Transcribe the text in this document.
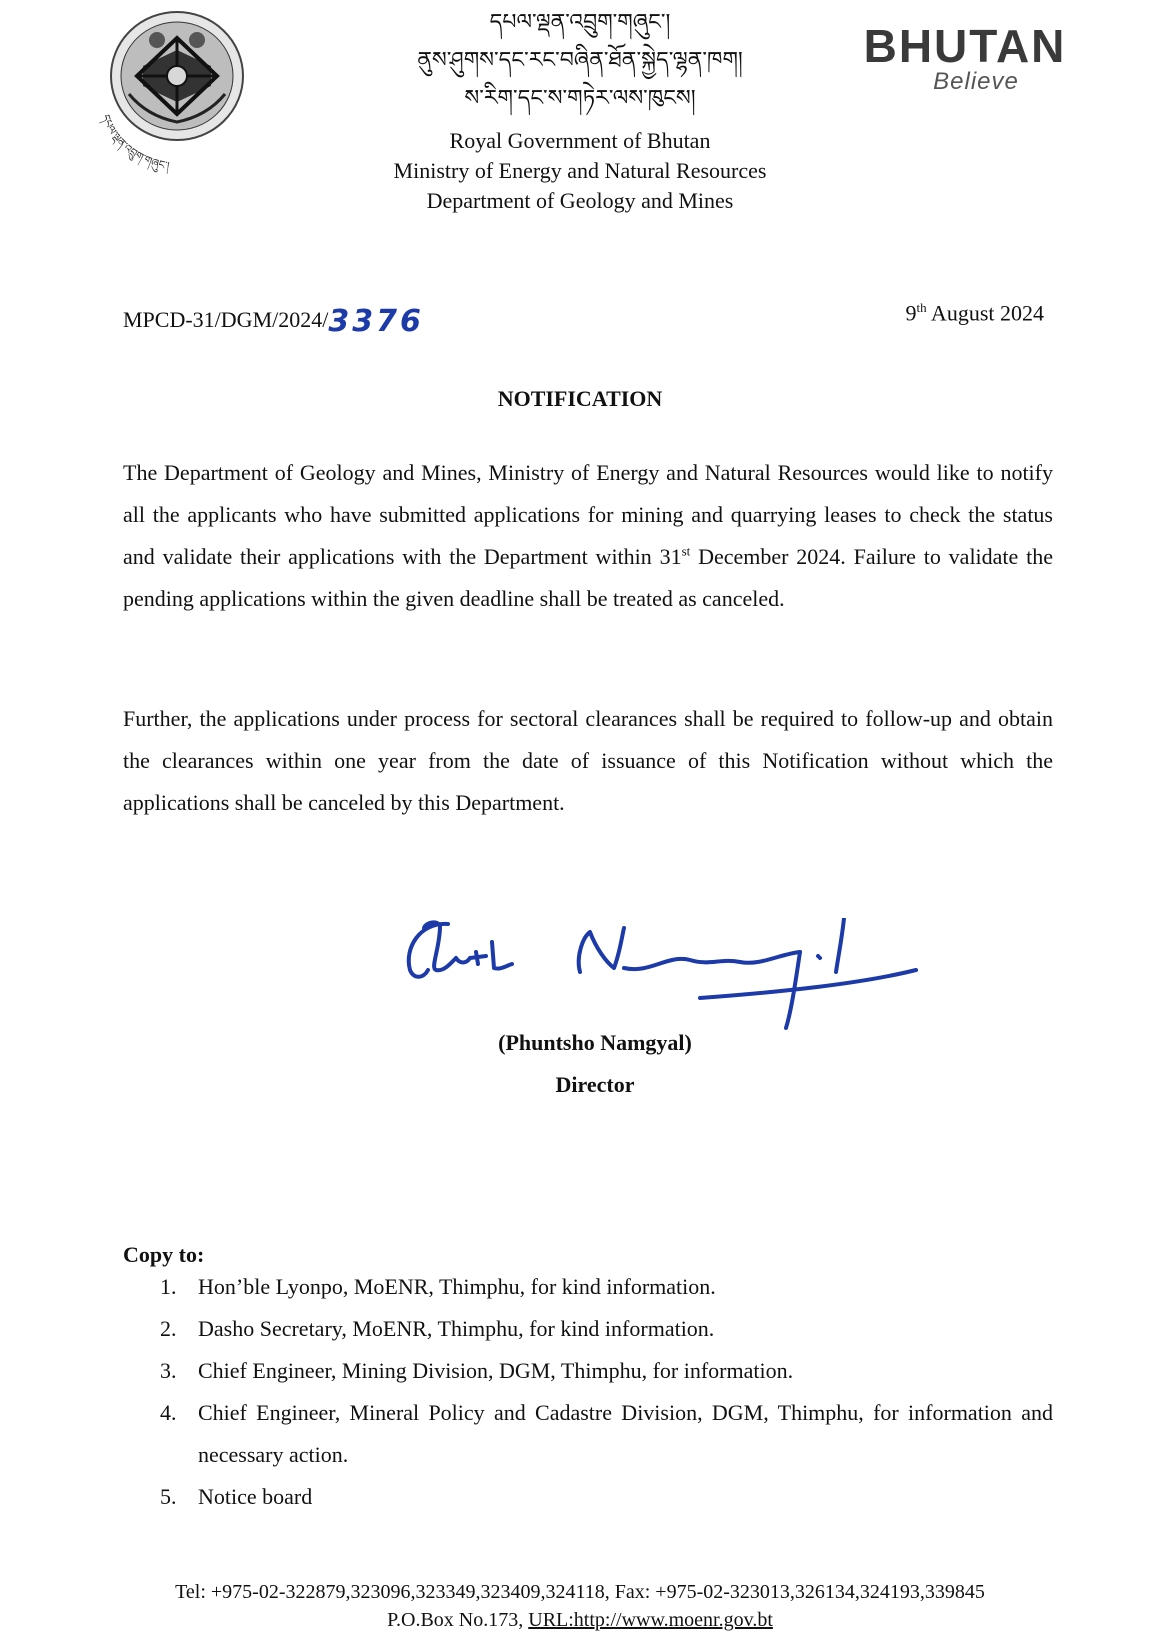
དཔལ་ལྡན་འབྲུག་གཞུང་།
དཔལ་ལྡན་འབྲུག་གཞུང་།
ནུས་ཤུགས་དང་རང་བཞིན་ཐོན་སྐྱེད་ལྷན་ཁག།
ས་རིག་དང་ས་གཏེར་ལས་ཁུངས།
Royal Government of Bhutan
Ministry of Energy and Natural Resources
Department of Geology and Mines
BHUTAN
Believe
MPCD-31/DGM/2024/3376	9th August 2024
NOTIFICATION
The Department of Geology and Mines, Ministry of Energy and Natural Resources would like to notify all the applicants who have submitted applications for mining and quarrying leases to check the status and validate their applications with the Department within 31st December 2024. Failure to validate the pending applications within the given deadline shall be treated as canceled.
Further, the applications under process for sectoral clearances shall be required to follow-up and obtain the clearances within one year from the date of issuance of this Notification without which the applications shall be canceled by this Department.
(Phuntsho Namgyal)
Director
Copy to:
1. Hon’ble Lyonpo, MoENR, Thimphu, for kind information.
2. Dasho Secretary, MoENR, Thimphu, for kind information.
3. Chief Engineer, Mining Division, DGM, Thimphu, for information.
4. Chief Engineer, Mineral Policy and Cadastre Division, DGM, Thimphu, for information and necessary action.
5. Notice board
Tel: +975-02-322879,323096,323349,323409,324118, Fax: +975-02-323013,326134,324193,339845
P.O.Box No.173, URL:http://www.moenr.gov.bt
